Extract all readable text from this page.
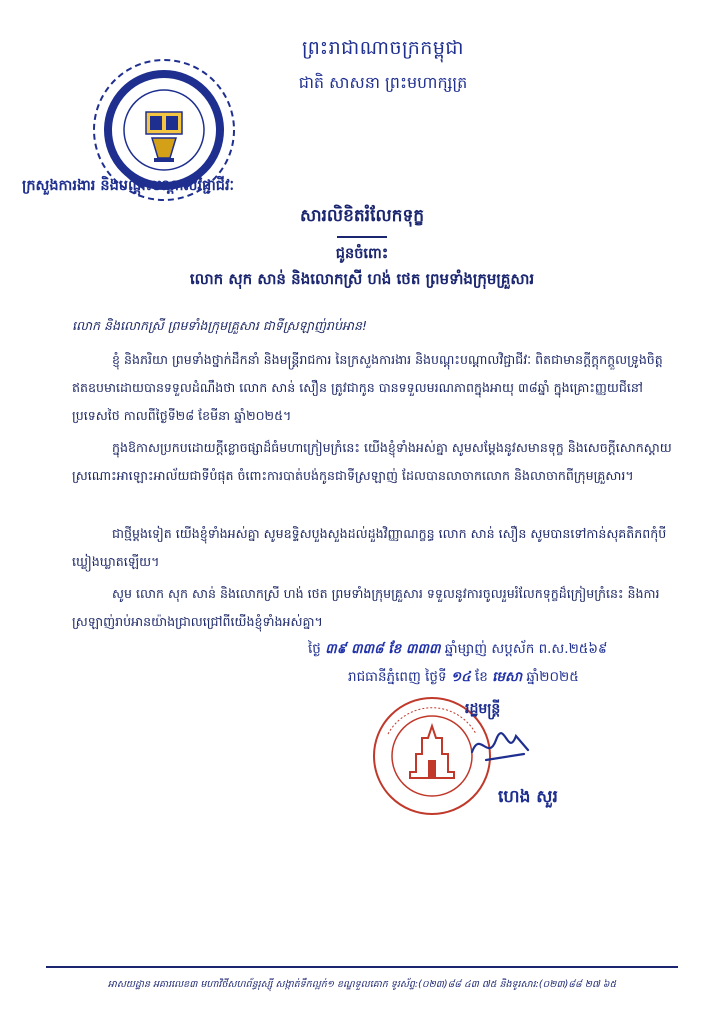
ព្រះរាជាណាចក្រកម្ពុជា
ជាតិ សាសនា ព្រះមហាក្សត្រ
ក្រសួងការងារ និងបណ្តុះបណ្តាលវិជ្ជាជីវៈ
សារលិខិតរំលែកទុក្ខ
ជូនចំពោះ
លោក សុក សាន់ និងលោកស្រី ហង់ ថេត ព្រមទាំងក្រុមគ្រួសារ

លោក និងលោកស្រី ព្រមទាំងក្រុមគ្រួសារ ជាទីស្រឡាញ់រាប់អាន!

ខ្ញុំ និងភរិយា ព្រមទាំងថ្នាក់ដឹកនាំ និងមន្ត្រីរាជការ នៃក្រសួងការងារ និងបណ្តុះបណ្តាលវិជ្ជាជីវៈ ពិតជាមានក្តីក្តុកក្តួលទ្រូងចិត្តឥតឧបមាដោយបានទទួលដំណឹងថា លោក សាន់ សឿន ត្រូវជាកូន បានទទួលមរណភាពក្នុងអាយុ ៣៨ឆ្នាំ ក្នុងគ្រោះញ្ញយជីនៅប្រទេសថៃ កាលពីថ្ងៃទី២៨ ខែមីនា ឆ្នាំ២០២៥។

ក្នុងឱកាសប្រកបដោយក្តីខ្លោចផ្សាដ៏ធំមហាក្រៀមក្រំនេះ យើងខ្ញុំទាំងអស់គ្នា សូមសម្តែងនូវសមានទុក្ខ និងសេចក្តីសោកស្តាយស្រណោះអាឡោះអាល័យជាទីបំផុត ចំពោះការបាត់បង់កូនជាទីស្រឡាញ់ ដែលបានលាចាកលោក និងលាចាកពីក្រុមគ្រួសារ។

ជាថ្មីម្តងទៀត យើងខ្ញុំទាំងអស់គ្នា សូមឧទ្ទិសបួងសួងដល់ដួងវិញ្ញាណក្ខន្ធ លោក សាន់ សឿន សូមបានទៅកាន់សុគតិភពកុំបីឃ្លៀងឃ្លាតឡើយ។

សូម លោក សុក សាន់ និងលោកស្រី ហង់ ថេត ព្រមទាំងក្រុមគ្រួសារ ទទួលនូវការចូលរួមរំលែកទុក្ខដ៏ក្រៀមក្រំនេះ និងការស្រឡាញ់រាប់អានយ៉ាងជ្រាលជ្រៅពីយើងខ្ញុំទាំងអស់គ្នា។

ថ្ងៃ ៣៩ ៣៣៨ ខែ ៣៣៣ ឆ្នាំម្សាញ់ សប្តស័ក ព.ស.២៥៦៩
រាជធានីភ្នំពេញ ថ្ងៃទី ១៤ ខែ មេសា ឆ្នាំ២០២៥
រដ្ឋមន្ត្រី
ហេង សួរ
អាសយដ្ឋាន អគារលេខ៣ មហាវិថីសហព័ន្ធរុស្ស៊ី សង្កាត់ទឹកល្អក់១ ខណ្ឌទួលគោក ទូរស័ព្ទ:(០២៣)៨៨ ៤៣ ៧៥ និងទូរសារ:(០២៣)៨៨ ២៧ ៦៥
